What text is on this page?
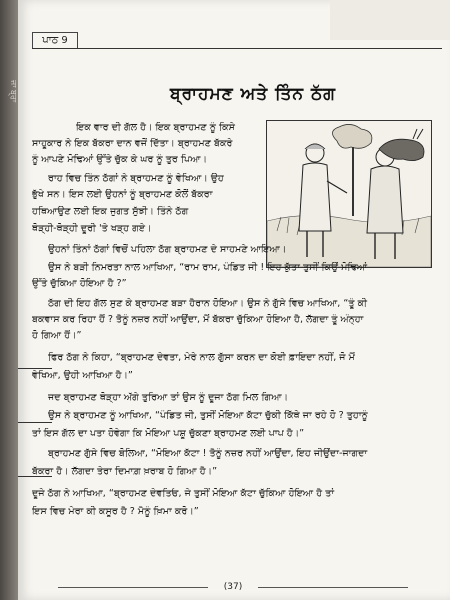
ਪਾਠ 9
ਬ੍ਰਾਹਮਣ ਅਤੇ ਤਿੰਨ ਠੱਗ
ਇਕ ਵਾਰ ਦੀ ਗੱਲ ਹੈ। ਇਕ ਬ੍ਰਾਹਮਣ ਨੂੰ ਕਿਸੇ
ਸਾਹੂਕਾਰ ਨੇ ਇਕ ਬੱਕਰਾ ਦਾਨ ਵਜੋਂ ਦਿੱਤਾ। ਬ੍ਰਾਹਮਣ ਬੱਕਰੇ
ਨੂੰ ਆਪਣੇ ਮੋਢਿਆਂ ਉੱਤੇ ਚੁੱਕ ਕੇ ਘਰ ਨੂੰ ਤੁਰ ਪਿਆ।
ਰਾਹ ਵਿਚ ਤਿੰਨ ਠੱਗਾਂ ਨੇ ਬ੍ਰਾਹਮਣ ਨੂੰ ਵੇਖਿਆ। ਉਹ
ਭੁੱਖੇ ਸਨ। ਇਸ ਲਈ ਉਹਨਾਂ ਨੂੰ ਬ੍ਰਾਹਮਣ ਕੋਲੋਂ ਬੱਕਰਾ
ਹਥਿਆਉਣ ਲਈ ਇਕ ਜੁਗਤ ਸੁੱਝੀ। ਤਿੰਨੇ ਠੱਗ
ਥੋੜ੍ਹੀ-ਥੋੜ੍ਹੀ ਦੂਰੀ 'ਤੇ ਖੜ੍ਹ ਗਏ।
ਉਹਨਾਂ ਤਿੰਨਾਂ ਠੱਗਾਂ ਵਿਚੋਂ ਪਹਿਲਾ ਠੱਗ ਬ੍ਰਾਹਮਣ ਦੇ ਸਾਹਮਣੇ ਆਇਆ।
ਉਸ ਨੇ ਬੜੀ ਨਿਮਰਤਾ ਨਾਲ ਆਖਿਆ, “ਰਾਮ ਰਾਮ, ਪੰਡਿਤ ਜੀ ! ਇਹ ਕੁੱਤਾ ਤੁਸੀਂ ਕਿਉਂ ਮੋਢਿਆਂ
ਉੱਤੇ ਚੁੱਕਿਆ ਹੋਇਆ ਹੈ ?”
ਠੱਗ ਦੀ ਇਹ ਗੱਲ ਸੁਣ ਕੇ ਬ੍ਰਾਹਮਣ ਬੜਾ ਹੈਰਾਨ ਹੋਇਆ। ਉਸ ਨੇ ਗੁੱਸੇ ਵਿਚ ਆਖਿਆ, “ਤੂੰ ਕੀ
ਬਕਵਾਸ ਕਰ ਰਿਹਾ ਹੈਂ ? ਤੈਨੂੰ ਨਜ਼ਰ ਨਹੀਂ ਆਉਂਦਾ, ਮੈਂ ਬੱਕਰਾ ਚੁੱਕਿਆ ਹੋਇਆ ਹੈ, ਲੱਗਦਾ ਤੂੰ ਅੰਨ੍ਹਾ
ਹੋ ਗਿਆ ਹੈਂ।”
ਫਿਰ ਠੱਗ ਨੇ ਕਿਹਾ, “ਬ੍ਰਾਹਮਣ ਦੇਵਤਾ, ਮੇਰੇ ਨਾਲ ਗੁੱਸਾ ਕਰਨ ਦਾ ਕੋਈ ਫ਼ਾਇਦਾ ਨਹੀਂ, ਜੋ ਮੈਂ
ਵੇਖਿਆ, ਉਹੀ ਆਖਿਆ ਹੈ।”
ਜਦ ਬ੍ਰਾਹਮਣ ਥੋੜ੍ਹਾ ਅੱਗੇ ਤੁਰਿਆ ਤਾਂ ਉਸ ਨੂੰ ਦੂਜਾ ਠੱਗ ਮਿਲ ਗਿਆ।
ਉਸ ਨੇ ਬ੍ਰਾਹਮਣ ਨੂੰ ਆਖਿਆ, “ਪੰਡਿਤ ਜੀ, ਤੁਸੀਂ ਮੋਇਆ ਕੱਟਾ ਚੁੱਕੀ ਕਿੱਥੇ ਜਾ ਰਹੇ ਹੋ ? ਤੁਹਾਨੂੰ
ਤਾਂ ਇਸ ਗੱਲ ਦਾ ਪਤਾ ਹੋਵੇਗਾ ਕਿ ਮੋਇਆ ਪਸ਼ੂ ਚੁੱਕਣਾ ਬ੍ਰਾਹਮਣ ਲਈ ਪਾਪ ਹੈ।”
ਬ੍ਰਾਹਮਣ ਗੁੱਸੇ ਵਿਚ ਬੋਲਿਆ, “ਮੋਇਆ ਕੱਟਾ ! ਤੈਨੂੰ ਨਜ਼ਰ ਨਹੀਂ ਆਉਂਦਾ, ਇਹ ਜੀਉਂਦਾ-ਜਾਗਦਾ
ਬੱਕਰਾ ਹੈ। ਲੱਗਦਾ ਤੇਰਾ ਦਿਮਾਗ਼ ਖ਼ਰਾਬ ਹੋ ਗਿਆ ਹੈ।”
ਦੂਜੇ ਠੱਗ ਨੇ ਆਖਿਆ, “ਬ੍ਰਾਹਮਣ ਦੇਵਤਿਓ, ਜੇ ਤੁਸੀਂ ਮੋਇਆ ਕੱਟਾ ਚੁੱਕਿਆ ਹੋਇਆ ਹੈ ਤਾਂ
ਇਸ ਵਿਚ ਮੇਰਾ ਕੀ ਕਸੂਰ ਹੈ ? ਮੈਨੂੰ ਖ਼ਿਮਾ ਕਰੋ।”
(37)
ਜਾ ਬ੍ਰਾ
